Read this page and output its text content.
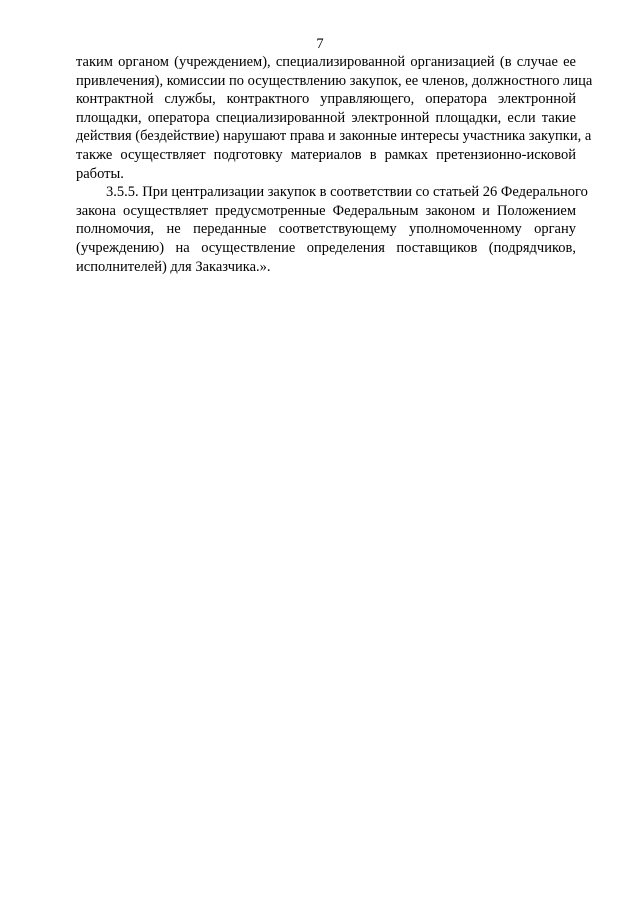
7
таким органом (учреждением), специализированной организацией (в случае ее
привлечения), комиссии по осуществлению закупок, ее членов, должностного лица
контрактной службы, контрактного управляющего, оператора электронной
площадки, оператора специализированной электронной площадки, если такие
действия (бездействие) нарушают права и законные интересы участника закупки, а
также осуществляет подготовку материалов в рамках претензионно-исковой
работы.
3.5.5. При централизации закупок в соответствии со статьей 26 Федерального
закона осуществляет предусмотренные Федеральным законом и Положением
полномочия, не переданные соответствующему уполномоченному органу
(учреждению) на осуществление определения поставщиков (подрядчиков,
исполнителей) для Заказчика.».
